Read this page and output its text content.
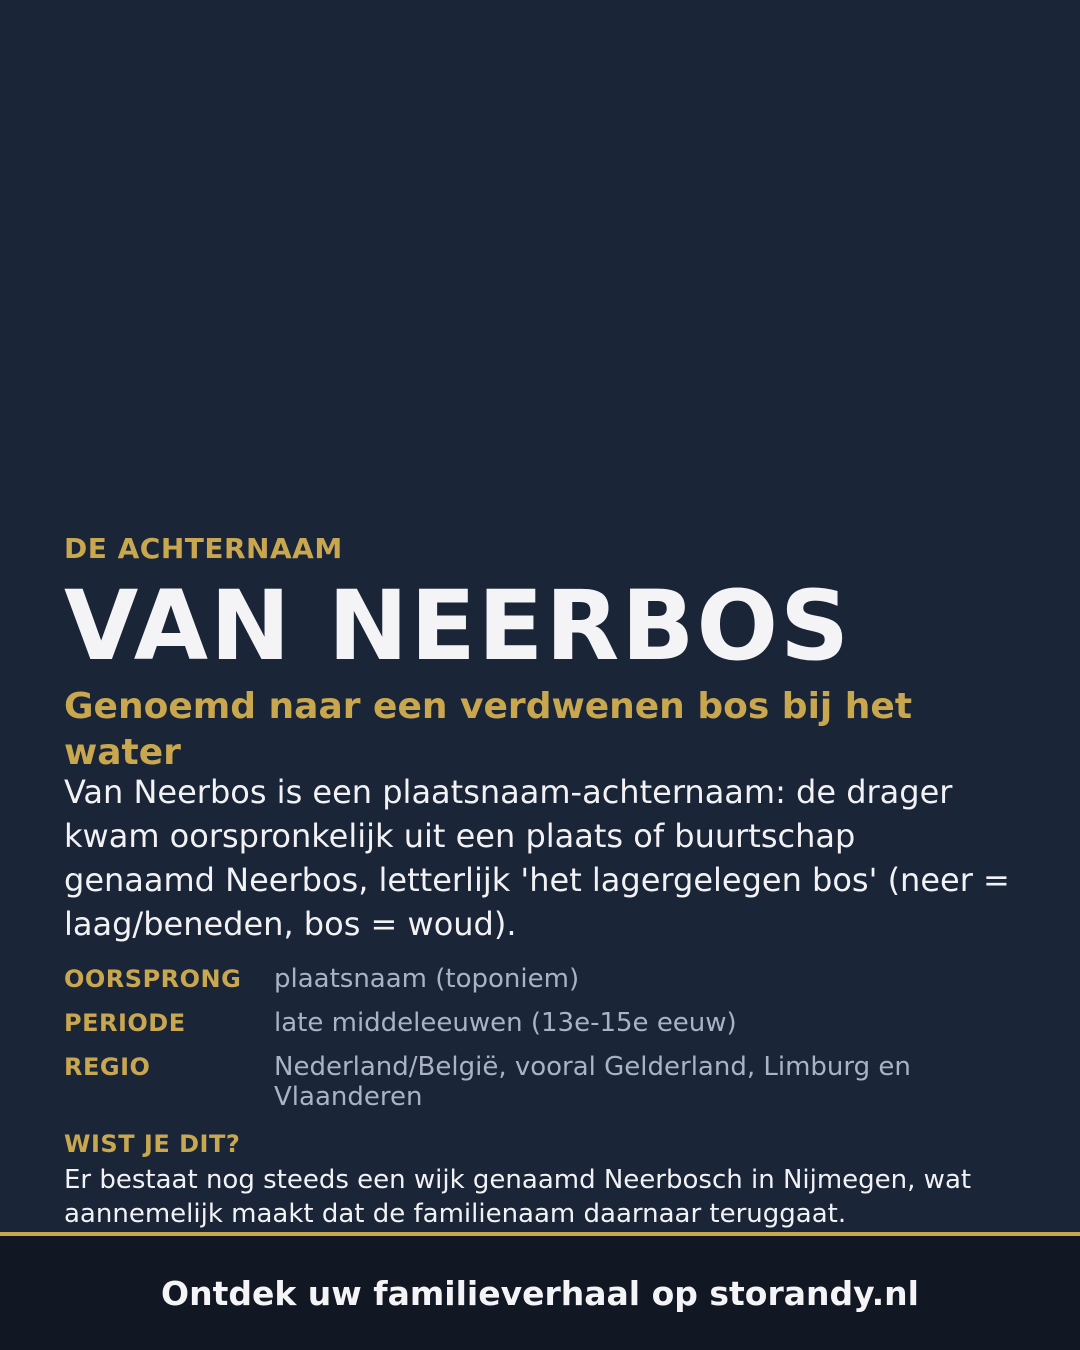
DE ACHTERNAAM
VAN NEERBOS
Genoemd naar een verdwenen bos bij het water
Van Neerbos is een plaatsnaam-achternaam: de drager kwam oorspronkelijk uit een plaats of buurtschap genaamd Neerbos, letterlijk 'het lagergelegen bos' (neer = laag/beneden, bos = woud).
OORSPRONG	plaatsnaam (toponiem)
PERIODE	late middeleeuwen (13e-15e eeuw)
REGIO	Nederland/België, vooral Gelderland, Limburg en Vlaanderen
WIST JE DIT?
Er bestaat nog steeds een wijk genaamd Neerbosch in Nijmegen, wat aannemelijk maakt dat de familienaam daarnaar teruggaat.
Ontdek uw familieverhaal op storandy.nl
